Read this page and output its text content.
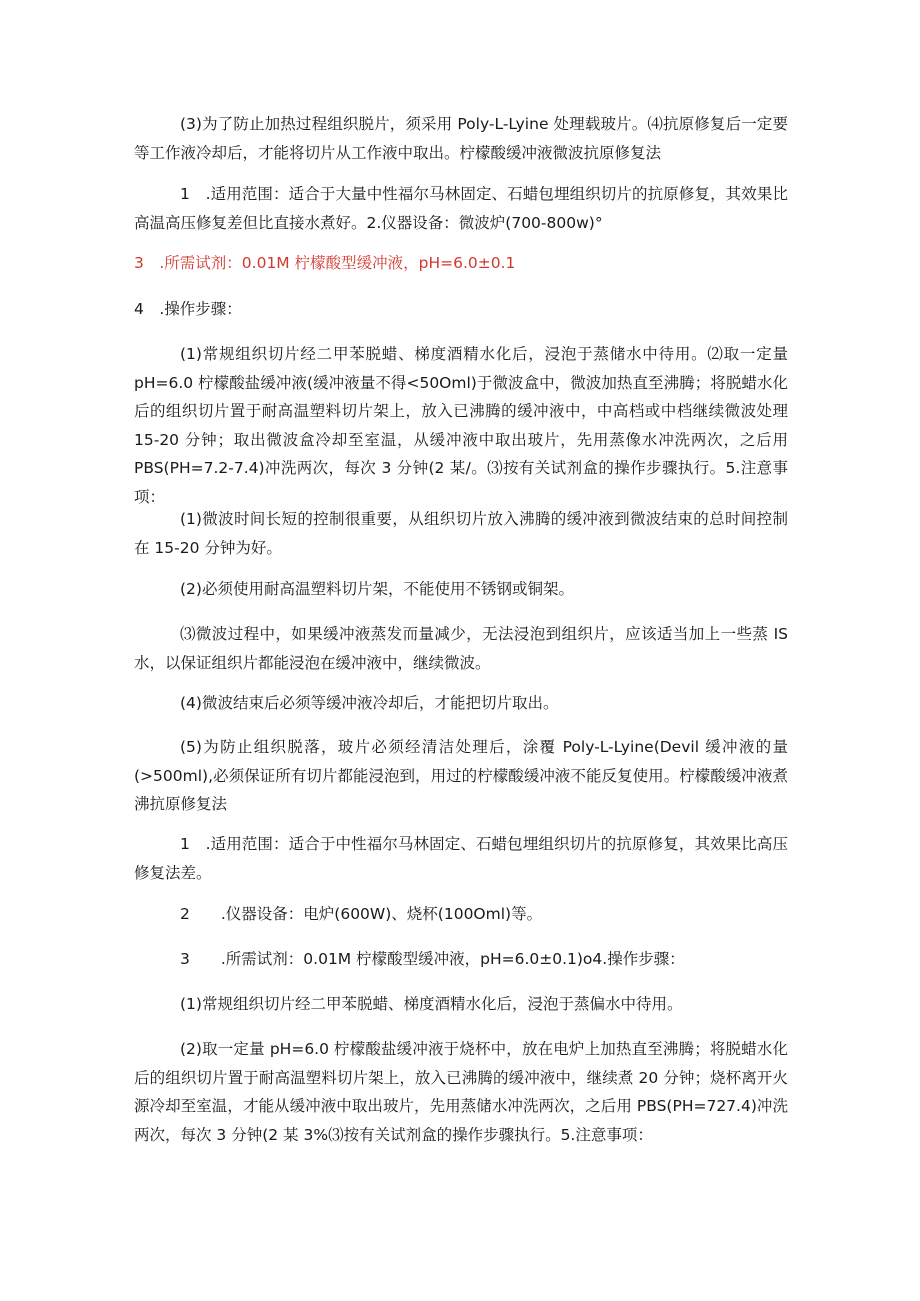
(3)为了防止加热过程组织脱片，须采用 Poly-L-Lyine 处理载玻片。⑷抗原修复后一定要等工作液冷却后，才能将切片从工作液中取出。柠檬酸缓冲液微波抗原修复法

1　.适用范围：适合于大量中性福尔马林固定、石蜡包埋组织切片的抗原修复，其效果比高温高压修复差但比直接水煮好。2.仪器设备：微波炉(700-800w)°

3　.所需试剂：0.01M 柠檬酸型缓冲液，pH=6.0±0.1

4　.操作步骤：

(1)常规组织切片经二甲苯脱蜡、梯度酒精水化后，浸泡于蒸储水中待用。⑵取一定量 pH=6.0 柠檬酸盐缓冲液(缓冲液量不得<50Oml)于微波盒中，微波加热直至沸腾；将脱蜡水化后的组织切片置于耐高温塑料切片架上，放入已沸腾的缓冲液中，中高档或中档继续微波处理 15-20 分钟；取出微波盒冷却至室温，从缓冲液中取出玻片，先用蒸像水冲洗两次，之后用 PBS(PH=7.2-7.4)冲洗两次，每次 3 分钟(2 某/。⑶按有关试剂盒的操作步骤执行。5.注意事项：

(1)微波时间长短的控制很重要，从组织切片放入沸腾的缓冲液到微波结束的总时间控制在 15-20 分钟为好。

(2)必须使用耐高温塑料切片架，不能使用不锈钢或铜架。

⑶微波过程中，如果缓冲液蒸发而量减少，无法浸泡到组织片，应该适当加上一些蒸 IS 水，以保证组织片都能浸泡在缓冲液中，继续微波。

(4)微波结束后必须等缓冲液冷却后，才能把切片取出。

(5)为防止组织脱落，玻片必须经清洁处理后，涂覆 Poly-L-Lyine(Devil 缓冲液的量(>500ml),必须保证所有切片都能浸泡到，用过的柠檬酸缓冲液不能反复使用。柠檬酸缓冲液煮沸抗原修复法

1　.适用范围：适合于中性福尔马林固定、石蜡包埋组织切片的抗原修复，其效果比高压修复法差。

2　　.仪器设备：电炉(600W)、烧杯(100Oml)等。

3　　.所需试剂：0.01M 柠檬酸型缓冲液，pH=6.0±0.1)o4.操作步骤：

(1)常规组织切片经二甲苯脱蜡、梯度酒精水化后，浸泡于蒸偏水中待用。

(2)取一定量 pH=6.0 柠檬酸盐缓冲液于烧杯中，放在电炉上加热直至沸腾；将脱蜡水化后的组织切片置于耐高温塑料切片架上，放入已沸腾的缓冲液中，继续煮 20 分钟；烧杯离开火源冷却至室温，才能从缓冲液中取出玻片，先用蒸储水冲洗两次，之后用 PBS(PH=727.4)冲洗两次，每次 3 分钟(2 某 3%⑶按有关试剂盒的操作步骤执行。5.注意事项：
